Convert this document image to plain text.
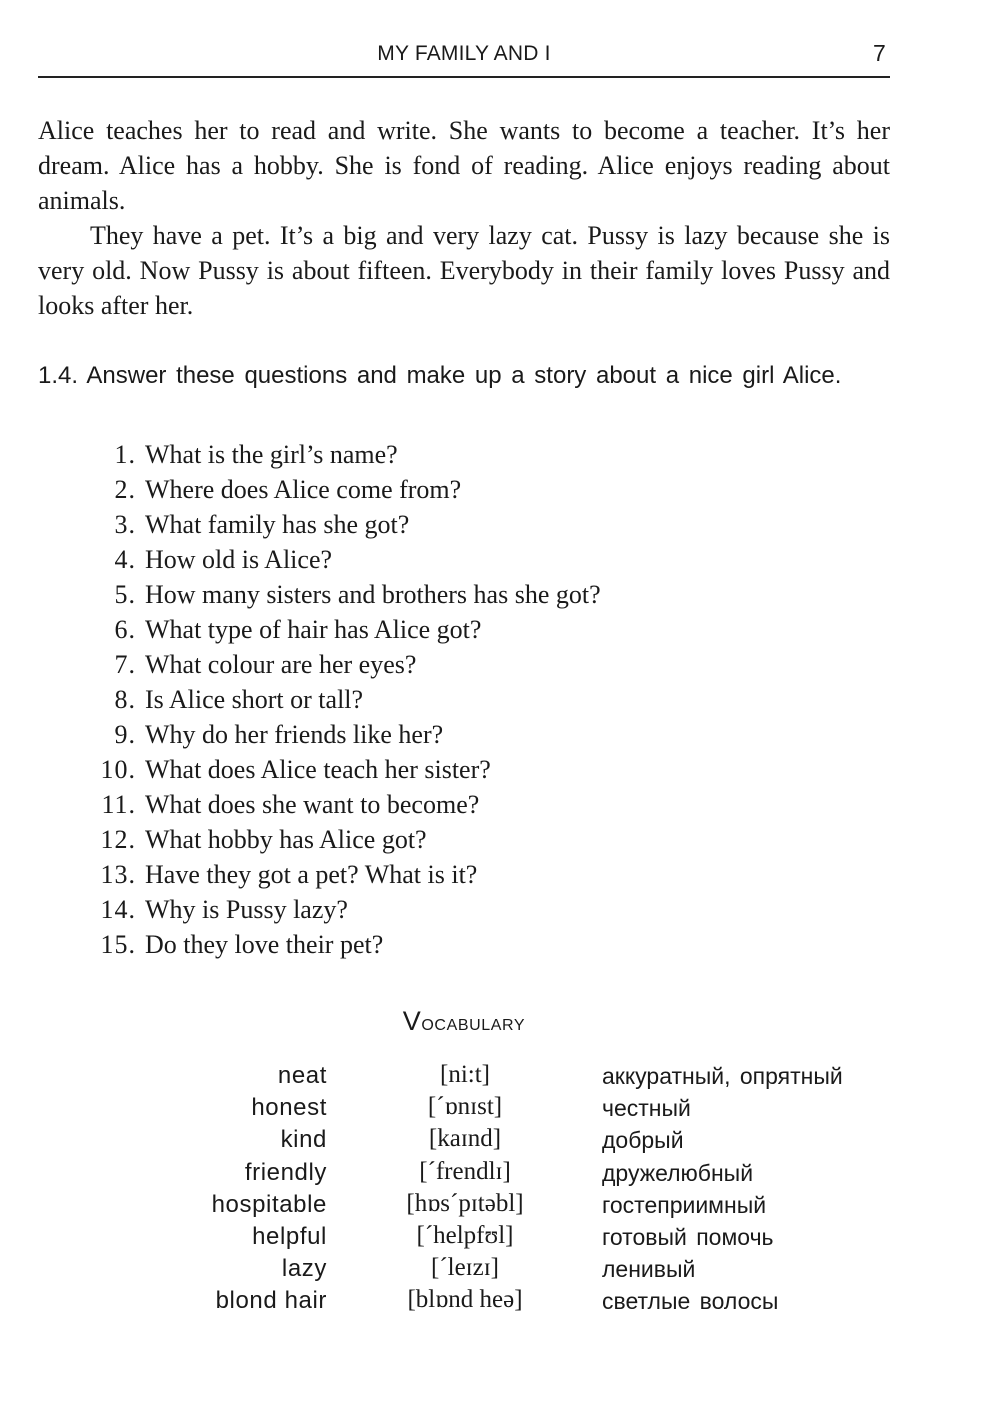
MY FAMILY AND I	7

Alice teaches her to read and write. She wants to become a teacher. It’s her dream. Alice has a hobby. She is fond of reading. Alice enjoys reading about animals.

They have a pet. It’s a big and very lazy cat. Pussy is lazy because she is very old. Now Pussy is about fifteen. Everybody in their family loves Pussy and looks after her.

1.4. Answer these questions and make up a story about a nice girl Alice.
1. What is the girl’s name?
2. Where does Alice come from?
3. What family has she got?
4. How old is Alice?
5. How many sisters and brothers has she got?
6. What type of hair has Alice got?
7. What colour are her eyes?
8. Is Alice short or tall?
9. Why do her friends like her?
10. What does Alice teach her sister?
11. What does she want to become?
12. What hobby has Alice got?
13. Have they got a pet? What is it?
14. Why is Pussy lazy?
15. Do they love their pet?
Vocabulary
neat	[ni:t]	аккуратный, опрятный
honest	[ˊɒnɪst]	честный
kind	[kaɪnd]	добрый
friendly	[ˊfrendlɪ]	дружелюбный
hospitable	[hɒsˊpɪtəbl]	гостеприимный
helpful	[ˊhelpfʊl]	готовый помочь
lazy	[ˊleɪzɪ]	ленивый
blond hair	[blɒnd heə]	светлые волосы
